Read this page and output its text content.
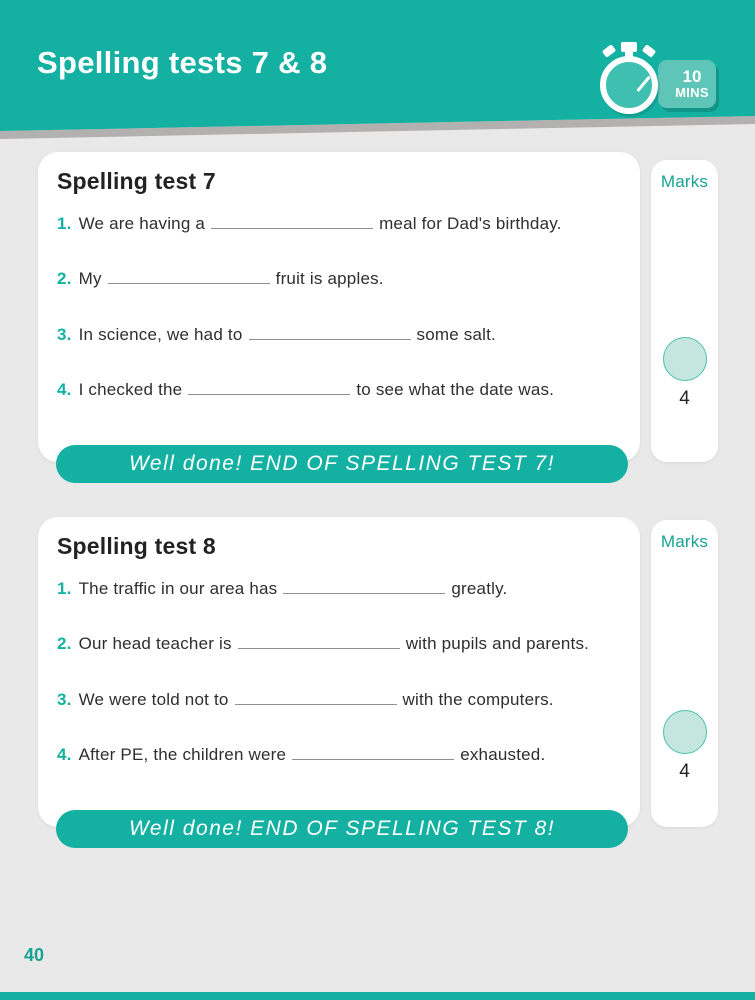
Spelling tests 7 & 8	10
MINS
Spelling test 7
1. We are having a	meal for Dad's birthday.
2. My	fruit is apples.
3. In science, we had to	some salt.
4. I checked the	to see what the date was.
Well done! END OF SPELLING TEST 7!
Marks
4
Spelling test 8
1. The traffic in our area has	greatly.
2. Our head teacher is	with pupils and parents.
3. We were told not to	with the computers.
4. After PE, the children were	exhausted.
Well done! END OF SPELLING TEST 8!
Marks
4
40
